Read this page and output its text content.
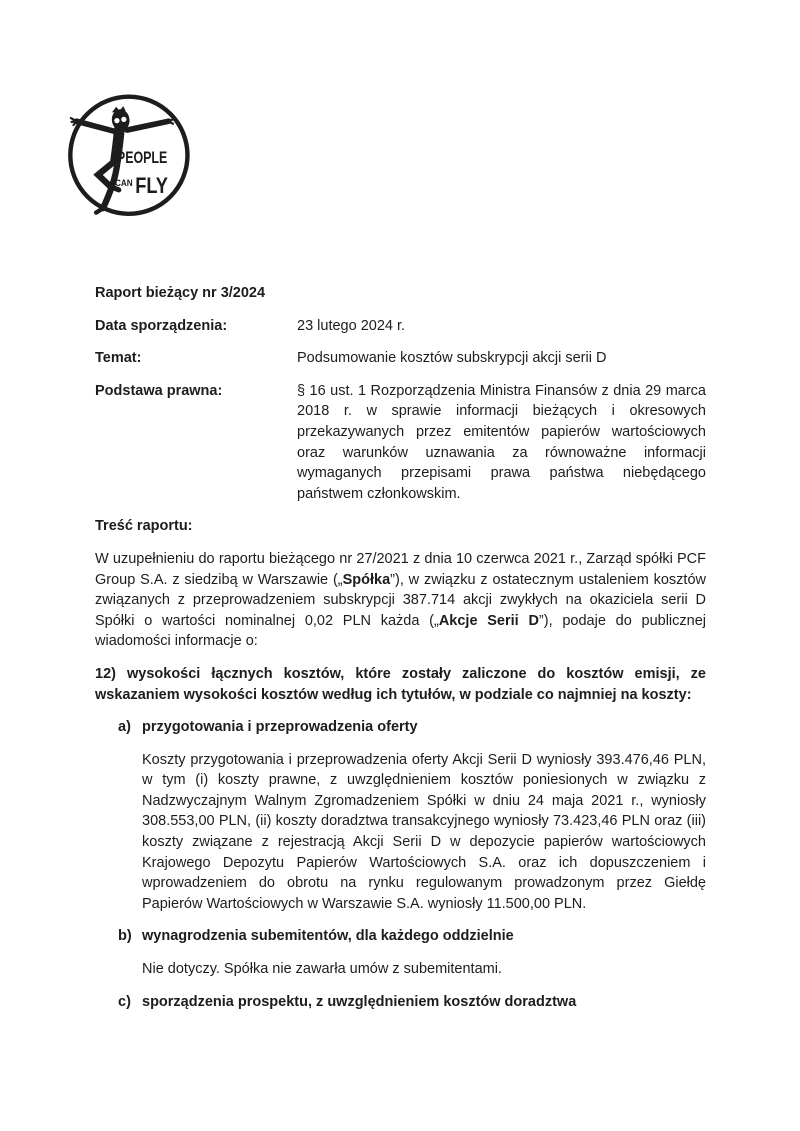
PEOPLE
CAN FLY
Raport bieżący nr 3/2024
Data sporządzenia:	23 lutego 2024 r.
Temat:	Podsumowanie kosztów subskrypcji akcji serii D
Podstawa prawna:	§ 16 ust. 1 Rozporządzenia Ministra Finansów z dnia 29 marca 2018 r. w sprawie informacji bieżących i okresowych przekazywanych przez emitentów papierów wartościowych oraz warunków uznawania za równoważne informacji wymaganych przepisami prawa państwa niebędącego państwem członkowskim.
Treść raportu:

W uzupełnieniu do raportu bieżącego nr 27/2021 z dnia 10 czerwca 2021 r., Zarząd spółki PCF Group S.A. z siedzibą w Warszawie („Spółka”), w związku z ostatecznym ustaleniem kosztów związanych z przeprowadzeniem subskrypcji 387.714 akcji zwykłych na okaziciela serii D Spółki o wartości nominalnej 0,02 PLN każda („Akcje Serii D”), podaje do publicznej wiadomości informacje o:

12) wysokości łącznych kosztów, które zostały zaliczone do kosztów emisji, ze wskazaniem wysokości kosztów według ich tytułów, w podziale co najmniej na koszty:

a) przygotowania i przeprowadzenia oferty

Koszty przygotowania i przeprowadzenia oferty Akcji Serii D wyniosły 393.476,46 PLN, w tym (i) koszty prawne, z uwzględnieniem kosztów poniesionych w związku z Nadzwyczajnym Walnym Zgromadzeniem Spółki w dniu 24 maja 2021 r., wyniosły 308.553,00 PLN, (ii) koszty doradztwa transakcyjnego wyniosły 73.423,46 PLN oraz (iii) koszty związane z rejestracją Akcji Serii D w depozycie papierów wartościowych Krajowego Depozytu Papierów Wartościowych S.A. oraz ich dopuszczeniem i wprowadzeniem do obrotu na rynku regulowanym prowadzonym przez Giełdę Papierów Wartościowych w Warszawie S.A. wyniosły 11.500,00 PLN.

b) wynagrodzenia subemitentów, dla każdego oddzielnie

Nie dotyczy. Spółka nie zawarła umów z subemitentami.

c) sporządzenia prospektu, z uwzględnieniem kosztów doradztwa
